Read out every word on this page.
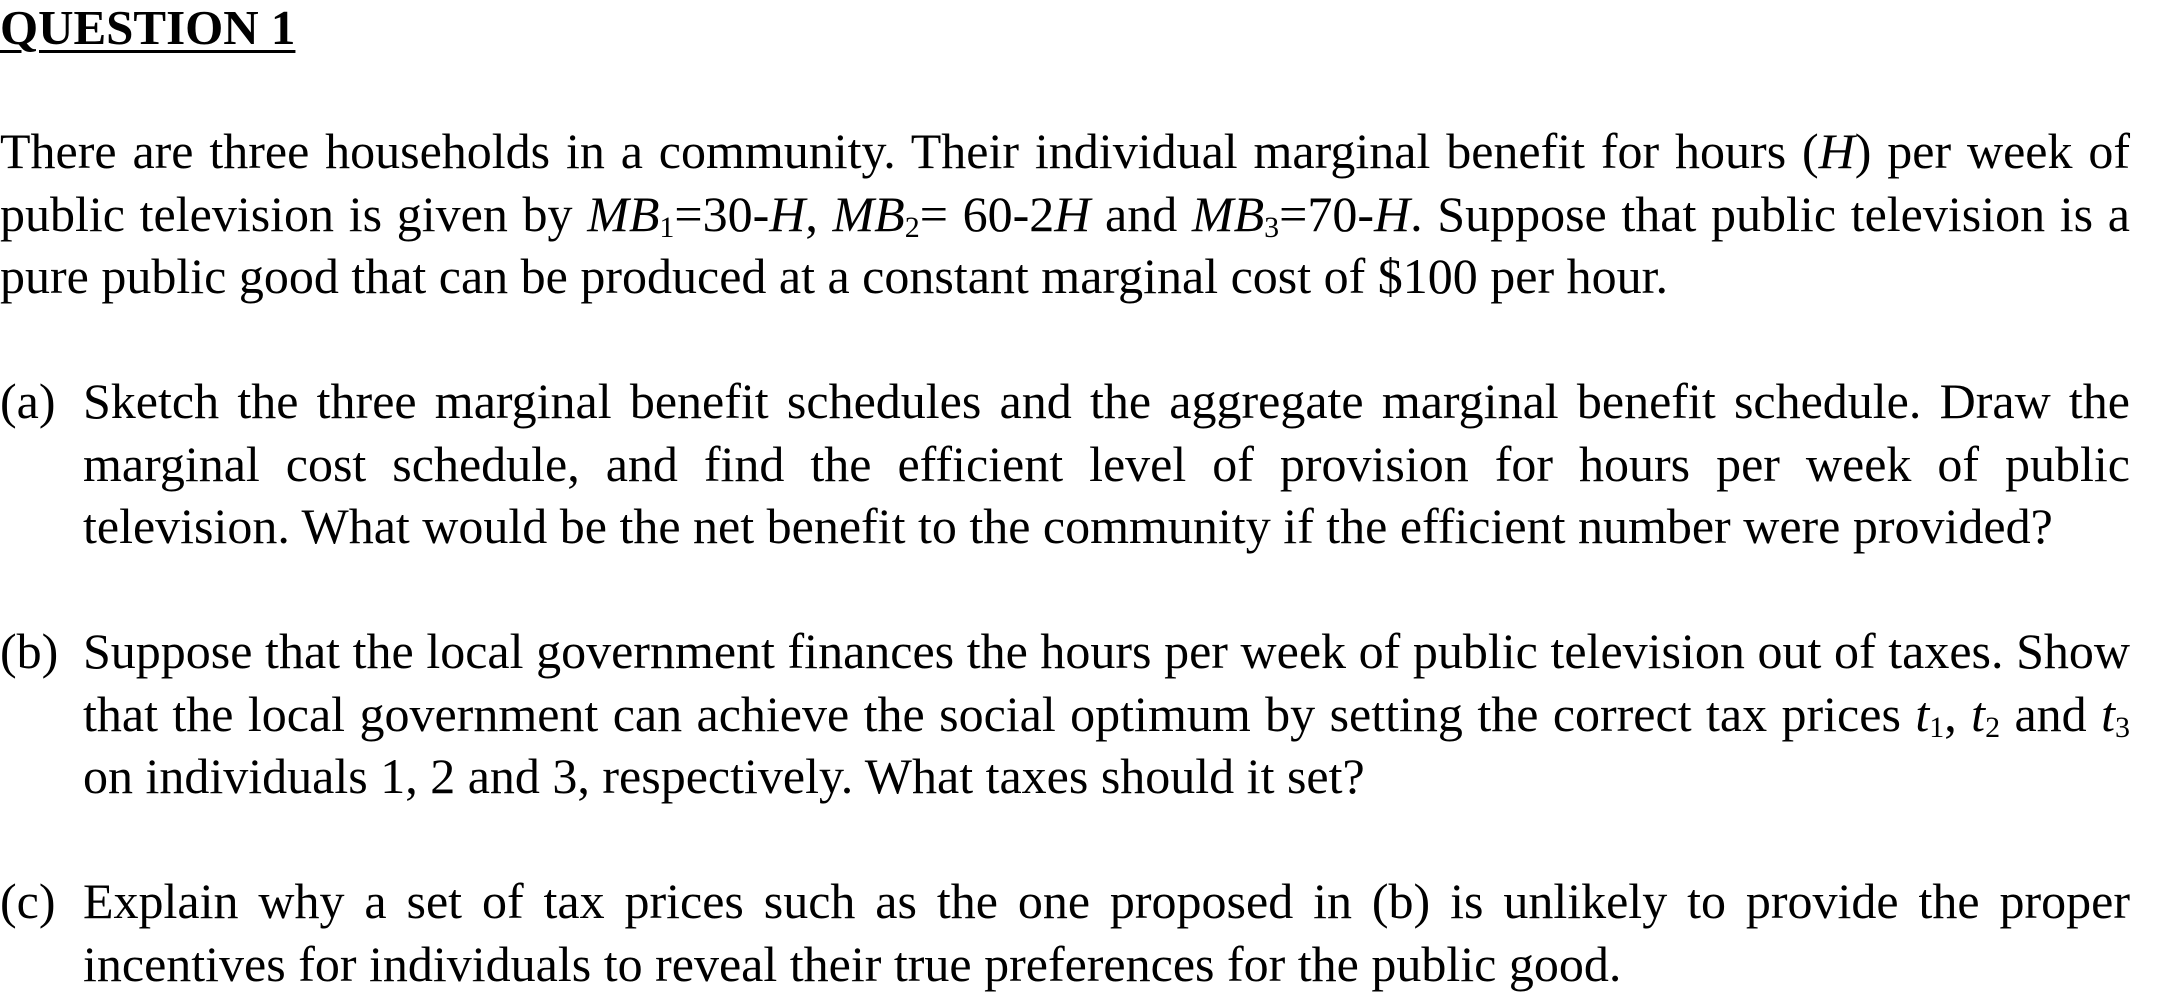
QUESTION 1
There are three households in a community. Their individual marginal benefit for hours (H) per week of public television is given by $MB_1=30-H$, $MB_2= 60-2H$ and $MB_3=70-H$. Suppose that public television is a pure public good that can be produced at a constant marginal cost of $100 per hour.
(a) Sketch the three marginal benefit schedules and the aggregate marginal benefit schedule. Draw the marginal cost schedule, and find the efficient level of provision for hours per week of public television. What would be the net benefit to the community if the efficient number were provided?
(b) Suppose that the local government finances the hours per week of public television out of taxes. Show that the local government can achieve the social optimum by setting the correct tax prices $t_1$, $t_2$ and $t_3$ on individuals 1, 2 and 3, respectively. What taxes should it set?
(c) Explain why a set of tax prices such as the one proposed in (b) is unlikely to provide the proper incentives for individuals to reveal their true preferences for the public good.
